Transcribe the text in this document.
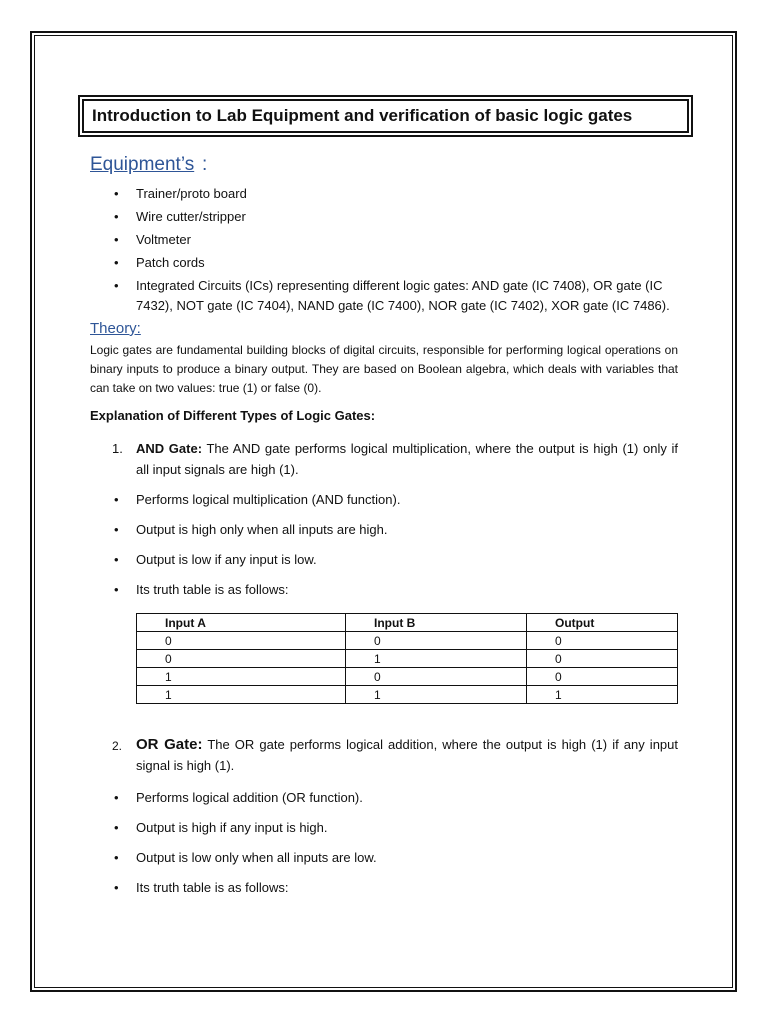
Introduction to Lab Equipment and verification of basic logic gates
Equipment’s :
• Trainer/proto board
• Wire cutter/stripper
• Voltmeter
• Patch cords
• Integrated Circuits (ICs) representing different logic gates: AND gate (IC 7408), OR gate (IC 7432), NOT gate (IC 7404), NAND gate (IC 7400), NOR gate (IC 7402), XOR gate (IC 7486).
Theory:
Logic gates are fundamental building blocks of digital circuits, responsible for performing logical operations on binary inputs to produce a binary output. They are based on Boolean algebra, which deals with variables that can take on two values: true (1) or false (0).
Explanation of Different Types of Logic Gates:
1. AND Gate: The AND gate performs logical multiplication, where the output is high (1) only if all input signals are high (1).
• Performs logical multiplication (AND function).
• Output is high only when all inputs are high.
• Output is low if any input is low.
• Its truth table is as follows:
Input A	Input B	Output
0	0	0
0	1	0
1	0	0
1	1	1
2. OR Gate: The OR gate performs logical addition, where the output is high (1) if any input signal is high (1).
• Performs logical addition (OR function).
• Output is high if any input is high.
• Output is low only when all inputs are low.
• Its truth table is as follows:
